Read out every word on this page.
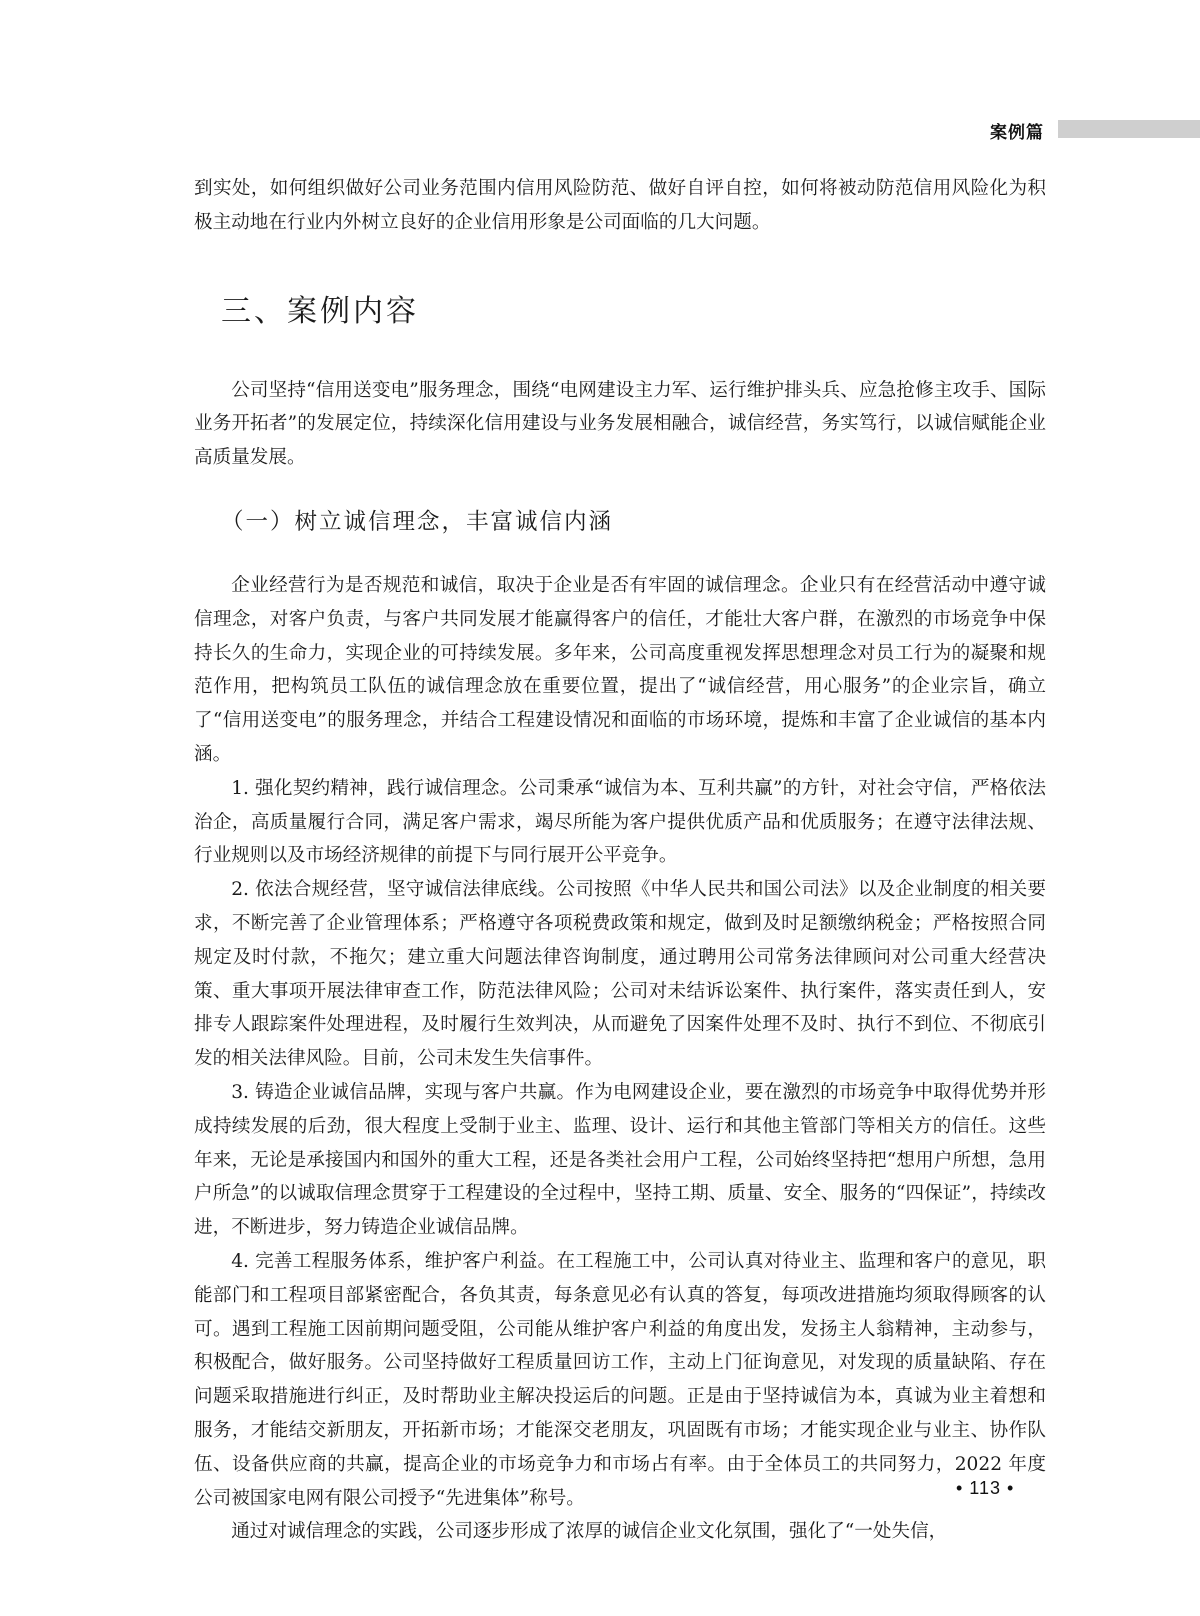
案例篇

到实处，如何组织做好公司业务范围内信用风险防范、做好自评自控，如何将被动防范信用风险化为积极主动地在行业内外树立良好的企业信用形象是公司面临的几大问题。

三、案例内容

公司坚持“信用送变电”服务理念，围绕“电网建设主力军、运行维护排头兵、应急抢修主攻手、国际业务开拓者”的发展定位，持续深化信用建设与业务发展相融合，诚信经营，务实笃行，以诚信赋能企业高质量发展。

（一）树立诚信理念，丰富诚信内涵

企业经营行为是否规范和诚信，取决于企业是否有牢固的诚信理念。企业只有在经营活动中遵守诚信理念，对客户负责，与客户共同发展才能赢得客户的信任，才能壮大客户群，在激烈的市场竞争中保持长久的生命力，实现企业的可持续发展。多年来，公司高度重视发挥思想理念对员工行为的凝聚和规范作用，把构筑员工队伍的诚信理念放在重要位置，提出了“诚信经营，用心服务”的企业宗旨，确立了“信用送变电”的服务理念，并结合工程建设情况和面临的市场环境，提炼和丰富了企业诚信的基本内涵。

1. 强化契约精神，践行诚信理念。公司秉承“诚信为本、互利共赢”的方针，对社会守信，严格依法治企，高质量履行合同，满足客户需求，竭尽所能为客户提供优质产品和优质服务；在遵守法律法规、行业规则以及市场经济规律的前提下与同行展开公平竞争。

2. 依法合规经营，坚守诚信法律底线。公司按照《中华人民共和国公司法》以及企业制度的相关要求，不断完善了企业管理体系；严格遵守各项税费政策和规定，做到及时足额缴纳税金；严格按照合同规定及时付款，不拖欠；建立重大问题法律咨询制度，通过聘用公司常务法律顾问对公司重大经营决策、重大事项开展法律审查工作，防范法律风险；公司对未结诉讼案件、执行案件，落实责任到人，安排专人跟踪案件处理进程，及时履行生效判决，从而避免了因案件处理不及时、执行不到位、不彻底引发的相关法律风险。目前，公司未发生失信事件。

3. 铸造企业诚信品牌，实现与客户共赢。作为电网建设企业，要在激烈的市场竞争中取得优势并形成持续发展的后劲，很大程度上受制于业主、监理、设计、运行和其他主管部门等相关方的信任。这些年来，无论是承接国内和国外的重大工程，还是各类社会用户工程，公司始终坚持把“想用户所想，急用户所急”的以诚取信理念贯穿于工程建设的全过程中，坚持工期、质量、安全、服务的“四保证”，持续改进，不断进步，努力铸造企业诚信品牌。

4. 完善工程服务体系，维护客户利益。在工程施工中，公司认真对待业主、监理和客户的意见，职能部门和工程项目部紧密配合，各负其责，每条意见必有认真的答复，每项改进措施均须取得顾客的认可。遇到工程施工因前期问题受阻，公司能从维护客户利益的角度出发，发扬主人翁精神，主动参与，积极配合，做好服务。公司坚持做好工程质量回访工作，主动上门征询意见，对发现的质量缺陷、存在问题采取措施进行纠正，及时帮助业主解决投运后的问题。正是由于坚持诚信为本，真诚为业主着想和服务，才能结交新朋友，开拓新市场；才能深交老朋友，巩固既有市场；才能实现企业与业主、协作队伍、设备供应商的共赢，提高企业的市场竞争力和市场占有率。由于全体员工的共同努力，2022 年度公司被国家电网有限公司授予“先进集体”称号。

通过对诚信理念的实践，公司逐步形成了浓厚的诚信企业文化氛围，强化了“一处失信，

• 113 •
